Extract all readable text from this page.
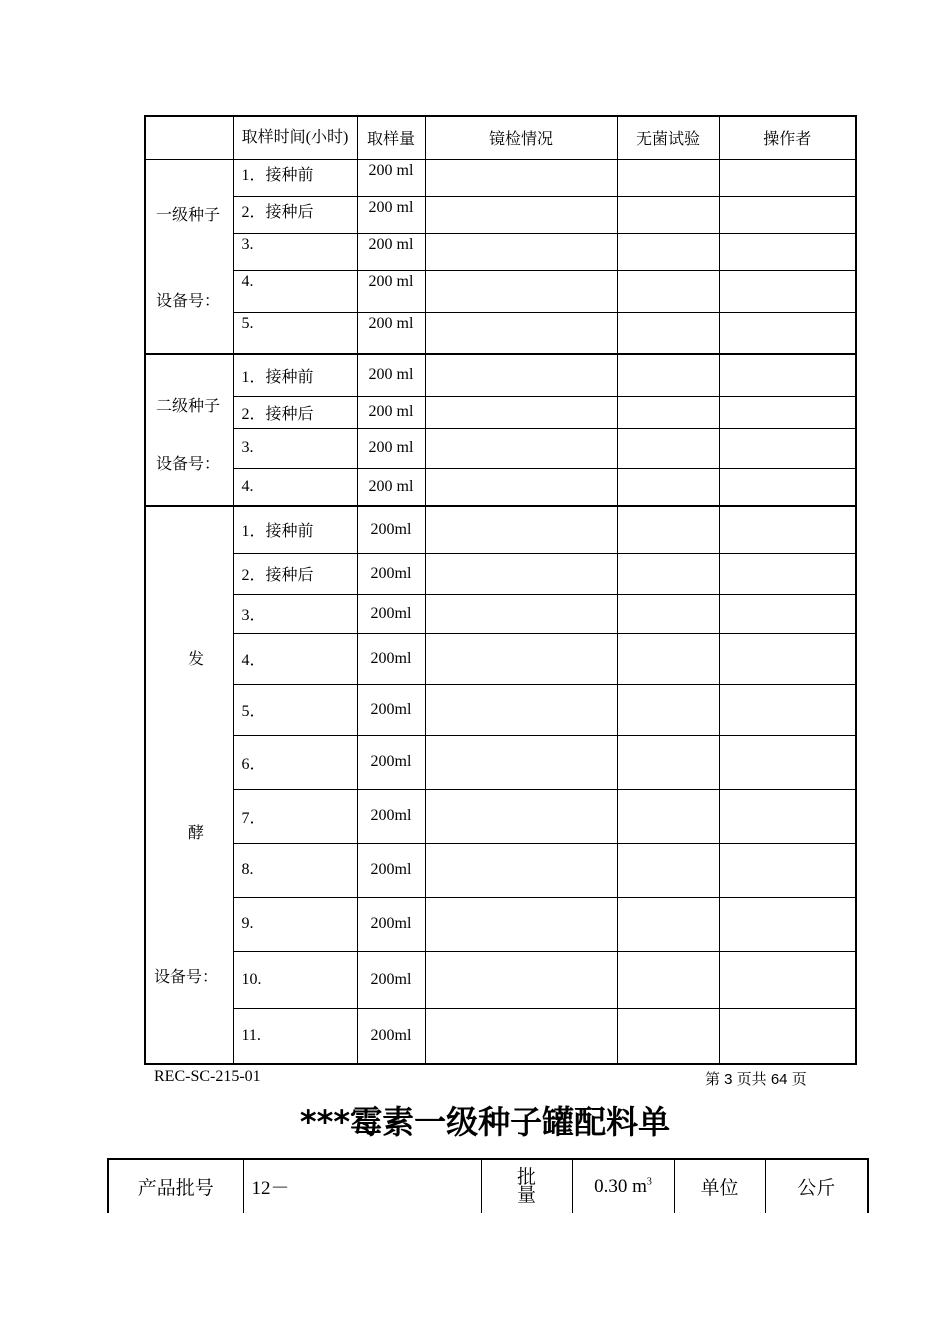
	取样时间(小时)	取样量	镜检情况	无菌试验	操作者

一级种子
设备号：	1．接种前	200 ml			
	2．接种后	200 ml			
	3.	200 ml			
	4.	200 ml			
	5.	200 ml			

二级种子
设备号：	1．接种前	200 ml			
	2．接种后	200 ml			
	3.	200 ml			
	4.	200 ml			

发
酵
设备号：	1．接种前	200ml			
	2．接种后	200ml			
	3．	200ml			
	4．	200ml			
	5．	200ml			
	6．	200ml			
	7．	200ml			
	8.	200ml			
	9.	200ml			
	10.	200ml			
	11.	200ml			
REC-SC-215-01	第 3 页共 64 页
***霉素一级种子罐配料单
产品批号	12－	批量	0.30 $m^3$	单位	公斤
